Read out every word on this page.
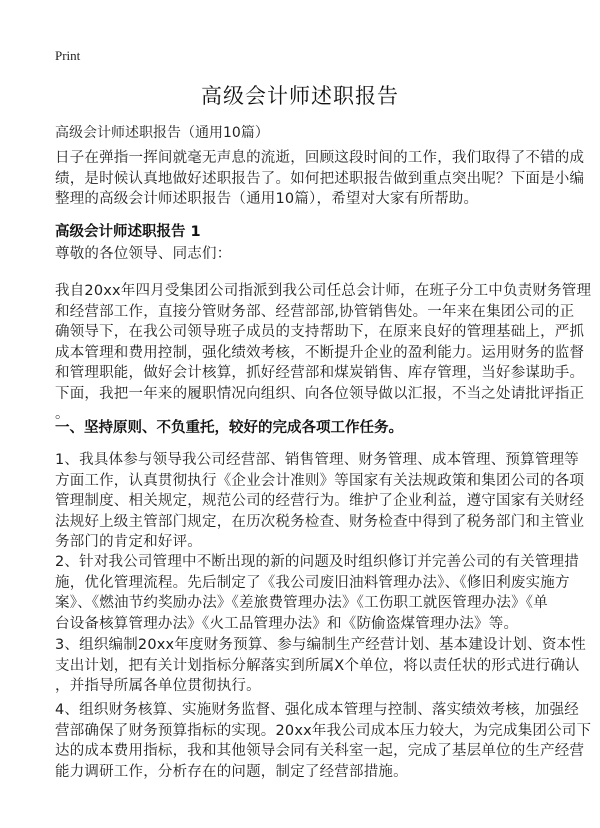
Print
高级会计师述职报告
高级会计师述职报告（通用10篇）
日子在弹指一挥间就毫无声息的流逝，回顾这段时间的工作，我们取得了不错的成
绩，是时候认真地做好述职报告了。如何把述职报告做到重点突出呢？下面是小编
整理的高级会计师述职报告（通用10篇），希望对大家有所帮助。
高级会计师述职报告 1
尊敬的各位领导、同志们：
我自20xx年四月受集团公司指派到我公司任总会计师，在班子分工中负责财务管理
和经营部工作，直接分管财务部、经营部部,协管销售处。一年来在集团公司的正
确领导下，在我公司领导班子成员的支持帮助下，在原来良好的管理基础上，严抓
成本管理和费用控制，强化绩效考核，不断提升企业的盈利能力。运用财务的监督
和管理职能，做好会计核算，抓好经营部和煤炭销售、库存管理，当好参谋助手。
下面，我把一年来的履职情况向组织、向各位领导做以汇报，不当之处请批评指正
。
一、坚持原则、不负重托，较好的完成各项工作任务。
1、我具体参与领导我公司经营部、销售管理、财务管理、成本管理、预算管理等
方面工作，认真贯彻执行《企业会计准则》等国家有关法规政策和集团公司的各项
管理制度、相关规定，规范公司的经营行为。维护了企业利益，遵守国家有关财经
法规好上级主管部门规定，在历次税务检查、财务检查中得到了税务部门和主管业
务部门的肯定和好评。
2、针对我公司管理中不断出现的新的问题及时组织修订并完善公司的有关管理措
施，优化管理流程。先后制定了《我公司废旧油料管理办法》、《修旧利废实施方
案》、《燃油节约奖励办法》《差旅费管理办法》《工伤职工就医管理办法》《单
台设备核算管理办法》《火工品管理办法》和《防偷盗煤管理办法》等。
3、组织编制20xx年度财务预算、参与编制生产经营计划、基本建设计划、资本性
支出计划，把有关计划指标分解落实到所属X个单位，将以责任状的形式进行确认
，并指导所属各单位贯彻执行。
4、组织财务核算、实施财务监督、强化成本管理与控制、落实绩效考核，加强经
营部确保了财务预算指标的实现。20xx年我公司成本压力较大，为完成集团公司下
达的成本费用指标，我和其他领导会同有关科室一起，完成了基层单位的生产经营
能力调研工作，分析存在的问题，制定了经营部措施。
